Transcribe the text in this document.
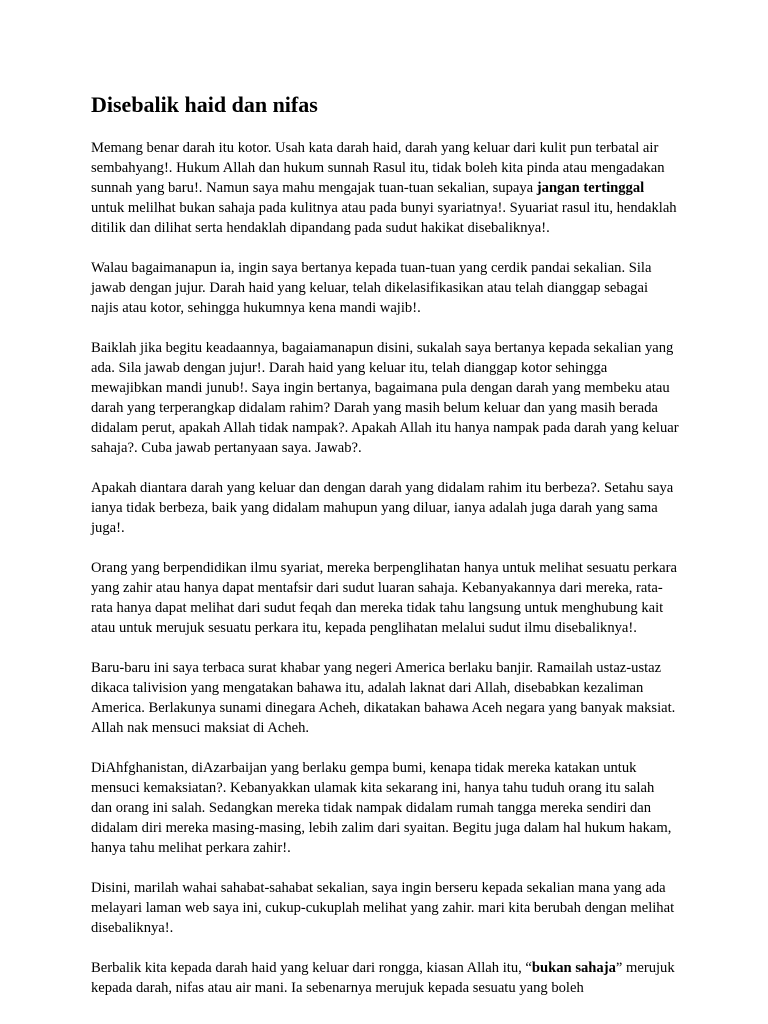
Disebalik haid dan nifas

Memang benar darah itu kotor. Usah kata darah haid, darah yang keluar dari kulit pun terbatal air sembahyang!. Hukum Allah dan hukum sunnah Rasul itu, tidak boleh kita pinda atau mengadakan sunnah yang baru!. Namun saya mahu mengajak tuan-tuan sekalian, supaya jangan tertinggal untuk melilhat bukan sahaja pada kulitnya atau pada bunyi syariatnya!. Syuariat rasul itu, hendaklah ditilik dan dilihat serta hendaklah dipandang pada sudut hakikat disebaliknya!.

Walau bagaimanapun ia, ingin saya bertanya kepada tuan-tuan yang cerdik pandai sekalian. Sila jawab dengan jujur. Darah haid yang keluar, telah dikelasifikasikan atau telah dianggap sebagai najis atau kotor, sehingga hukumnya kena mandi wajib!.

Baiklah jika begitu keadaannya, bagaiamanapun disini, sukalah saya bertanya kepada sekalian yang ada. Sila jawab dengan jujur!. Darah haid yang keluar itu, telah dianggap kotor sehingga mewajibkan mandi junub!. Saya ingin bertanya, bagaimana pula dengan darah yang membeku atau darah yang terperangkap didalam rahim? Darah yang masih belum keluar dan yang masih berada didalam perut, apakah Allah tidak nampak?. Apakah Allah itu hanya nampak pada darah yang keluar sahaja?. Cuba jawab pertanyaan saya. Jawab?.

Apakah diantara darah yang keluar dan dengan darah yang didalam rahim itu berbeza?. Setahu saya ianya tidak berbeza, baik yang didalam mahupun yang diluar, ianya adalah juga darah yang sama juga!.

Orang yang berpendidikan ilmu syariat, mereka berpenglihatan hanya untuk melihat sesuatu perkara yang zahir atau hanya dapat mentafsir dari sudut luaran sahaja. Kebanyakannya dari mereka, rata-rata hanya dapat melihat dari sudut feqah dan mereka tidak tahu langsung untuk menghubung kait atau untuk merujuk sesuatu perkara itu, kepada penglihatan melalui sudut ilmu disebaliknya!.

Baru-baru ini saya terbaca surat khabar yang negeri America berlaku banjir. Ramailah ustaz-ustaz dikaca talivision yang mengatakan bahawa itu, adalah laknat dari Allah, disebabkan kezaliman America. Berlakunya sunami dinegara Acheh, dikatakan bahawa Aceh negara yang banyak maksiat. Allah nak mensuci maksiat di Acheh.

DiAhfghanistan, diAzarbaijan yang berlaku gempa bumi, kenapa tidak mereka katakan untuk mensuci kemaksiatan?. Kebanyakkan ulamak kita sekarang ini, hanya tahu tuduh orang itu salah dan orang ini salah. Sedangkan mereka tidak nampak didalam rumah tangga mereka sendiri dan didalam diri mereka masing-masing, lebih zalim dari syaitan. Begitu juga dalam hal hukum hakam, hanya tahu melihat perkara zahir!.

Disini, marilah wahai sahabat-sahabat sekalian, saya ingin berseru kepada sekalian mana yang ada melayari laman web saya ini, cukup-cukuplah melihat yang zahir. mari kita berubah dengan melihat disebaliknya!.

Berbalik kita kepada darah haid yang keluar dari rongga, kiasan Allah itu, “bukan sahaja” merujuk kepada darah, nifas atau air mani. Ia sebenarnya merujuk kepada sesuatu yang boleh
